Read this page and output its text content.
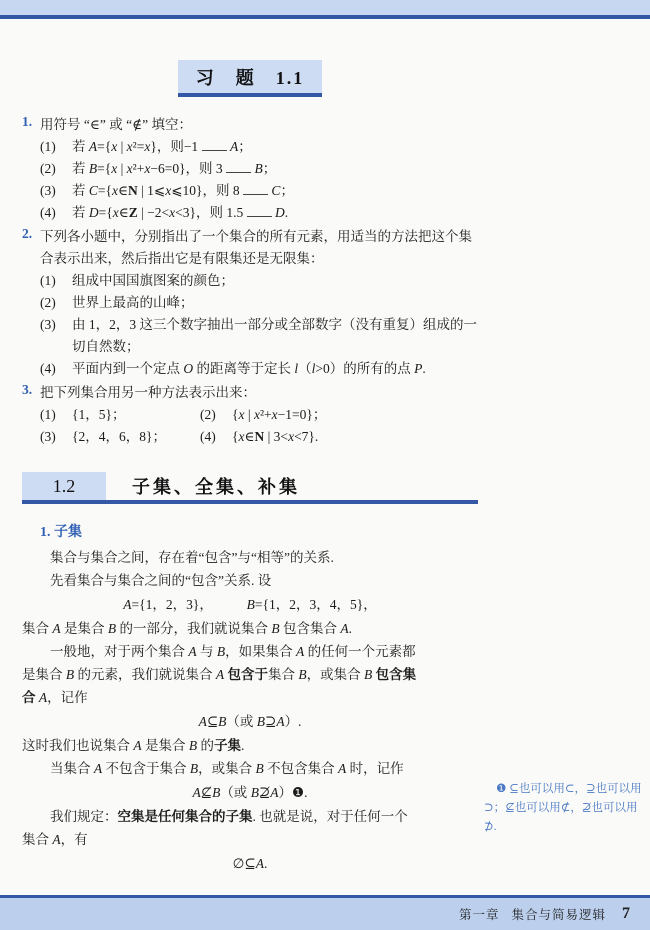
习　题　1.1
1. 用符号 “∈” 或 “∉” 填空：
(1)	若 A={x | x²=x}，则−1  A；
(2)	若 B={x | x²+x−6=0}，则 3  B；
(3)	若 C={x∈N | 1⩽x⩽10}，则 8  C；
(4)	若 D={x∈Z | −2<x<3}，则 1.5  D.
2. 下列各小题中，分别指出了一个集合的所有元素，用适当的方法把这个集
合表示出来，然后指出它是有限集还是无限集：
(1)	组成中国国旗图案的颜色；
(2)	世界上最高的山峰；
(3)	由 1，2，3 这三个数字抽出一部分或全部数字（没有重复）组成的一
切自然数；
(4)	平面内到一个定点 O 的距离等于定长 l（l>0）的所有的点 P.
3. 把下列集合用另一种方法表示出来：
(1)	{1，5}；	(2)	{x | x²+x−1=0}；
(3)	{2，4，6，8}；	(4)	{x∈N | 3<x<7}.
1.2	子集、全集、补集
1. 子集
集合与集合之间，存在着“包含”与“相等”的关系.
先看集合与集合之间的“包含”关系. 设
A={1，2，3}，　　　	B={1，2，3，4，5}，
集合 A 是集合 B 的一部分，我们就说集合 B 包含集合 A.
一般地，对于两个集合 A 与 B，如果集合 A 的任何一个元素都
是集合 B 的元素，我们就说集合 A 包含于集合 B，或集合 B 包含集
合 A，记作
A⊆B（或 B⊇A）.
这时我们也说集合 A 是集合 B 的子集.
当集合 A 不包含于集合 B，或集合 B 不包含集合 A 时，记作
A⊈B（或 B⊉A）❶.
我们规定：空集是任何集合的子集. 也就是说，对于任何一个
集合 A，有
∅⊆A.
❶ ⊆也可以用⊂，⊇也可以用⊃；⊈也可以用⊄，⊉也可以用⊅.
第一章 集合与简易逻辑 7
